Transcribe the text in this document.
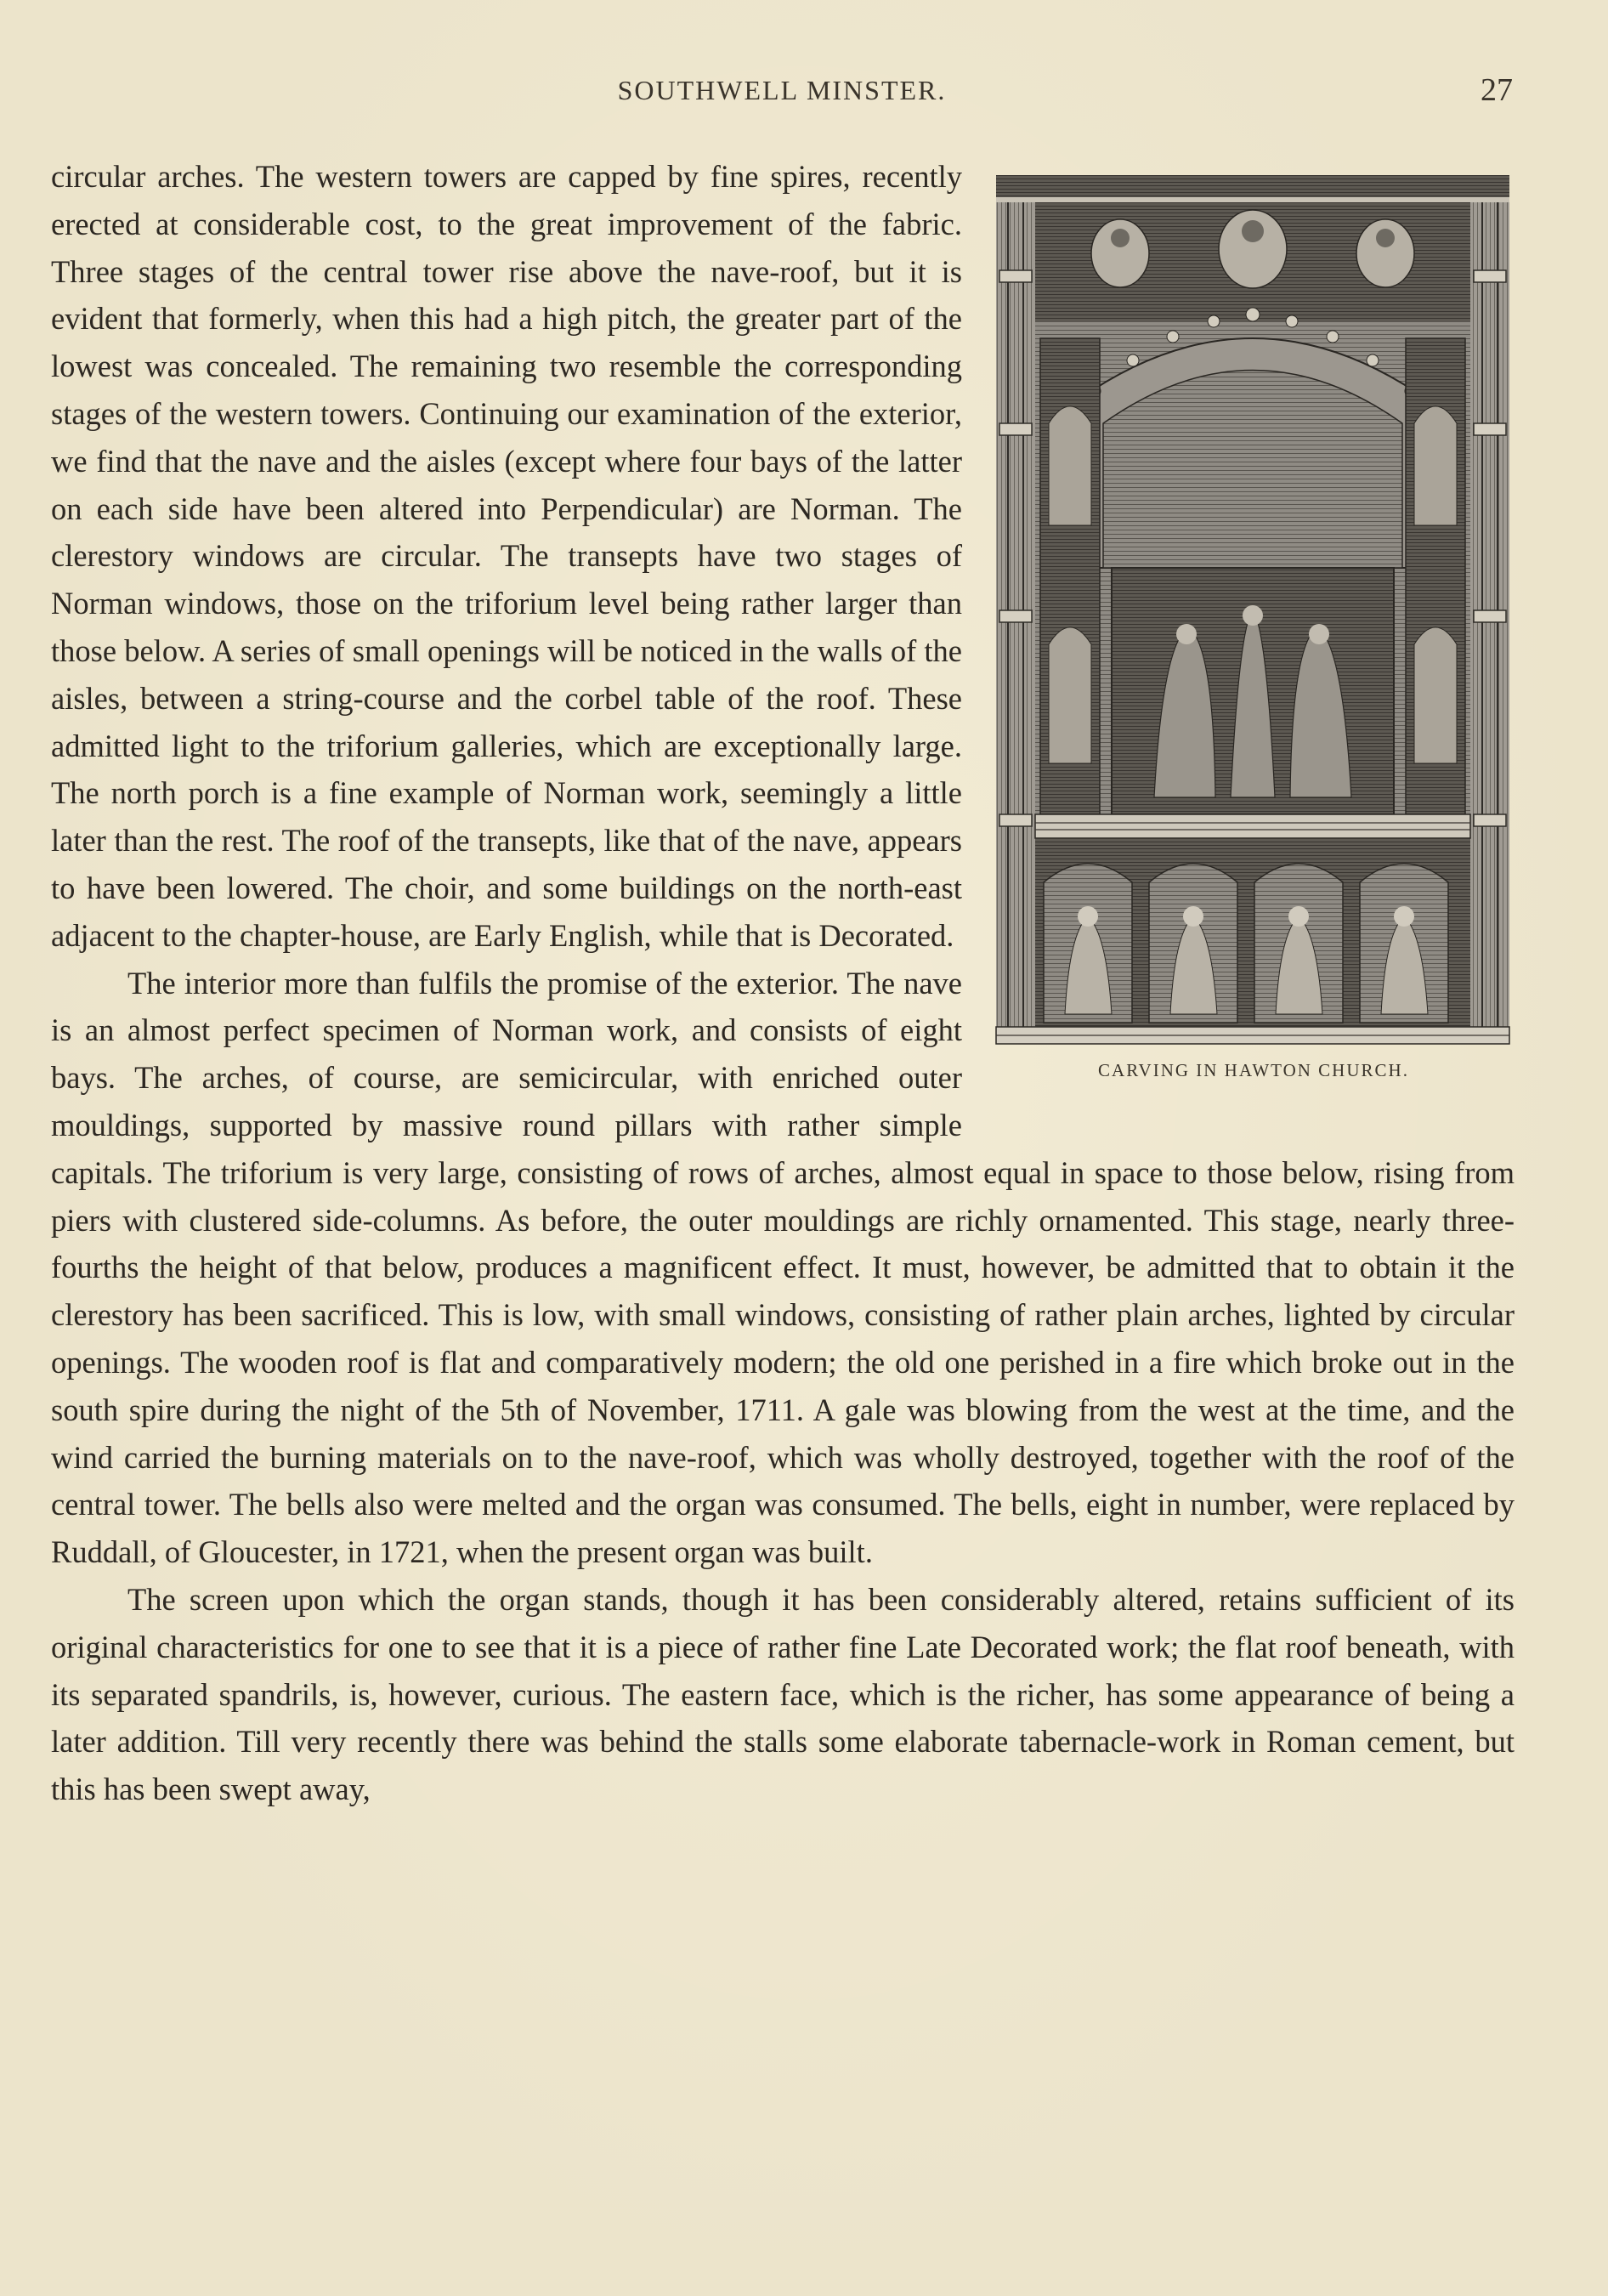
SOUTHWELL MINSTER.	27
CARVING IN HAWTON CHURCH.

circular arches. The western towers are capped by fine spires, recently erected at considerable cost, to the great improvement of the fabric. Three stages of the central tower rise above the nave-roof, but it is evident that formerly, when this had a high pitch, the greater part of the lowest was concealed. The remaining two resemble the corresponding stages of the western towers. Continuing our examination of the exterior, we find that the nave and the aisles (except where four bays of the latter on each side have been altered into Perpendicular) are Norman. The clerestory windows are circular. The transepts have two stages of Norman windows, those on the triforium level being rather larger than those below. A series of small openings will be noticed in the walls of the aisles, between a string-course and the corbel table of the roof. These admitted light to the triforium galleries, which are exceptionally large. The north porch is a fine example of Norman work, seemingly a little later than the rest. The roof of the transepts, like that of the nave, appears to have been lowered. The choir, and some buildings on the north-east adjacent to the chapter-house, are Early English, while that is Decorated.

The interior more than fulfils the promise of the exterior. The nave is an almost perfect specimen of Norman work, and consists of eight bays. The arches, of course, are semicircular, with enriched outer mouldings, supported by massive round pillars with rather simple capitals. The triforium is very large, consisting of rows of arches, almost equal in space to those below, rising from piers with clustered side-columns. As before, the outer mouldings are richly ornamented. This stage, nearly three-fourths the height of that below, produces a magnificent effect. It must, however, be admitted that to obtain it the clerestory has been sacrificed. This is low, with small windows, consisting of rather plain arches, lighted by circular openings. The wooden roof is flat and comparatively modern; the old one perished in a fire which broke out in the south spire during the night of the 5th of November, 1711. A gale was blowing from the west at the time, and the wind carried the burning materials on to the nave-roof, which was wholly destroyed, together with the roof of the central tower. The bells also were melted and the organ was consumed. The bells, eight in number, were replaced by Ruddall, of Gloucester, in 1721, when the present organ was built.

The screen upon which the organ stands, though it has been considerably altered, retains sufficient of its original characteristics for one to see that it is a piece of rather fine Late Decorated work; the flat roof beneath, with its separated spandrils, is, however, curious. The eastern face, which is the richer, has some appearance of being a later addition. Till very recently there was behind the stalls some elaborate tabernacle-work in Roman cement, but this has been swept away,
